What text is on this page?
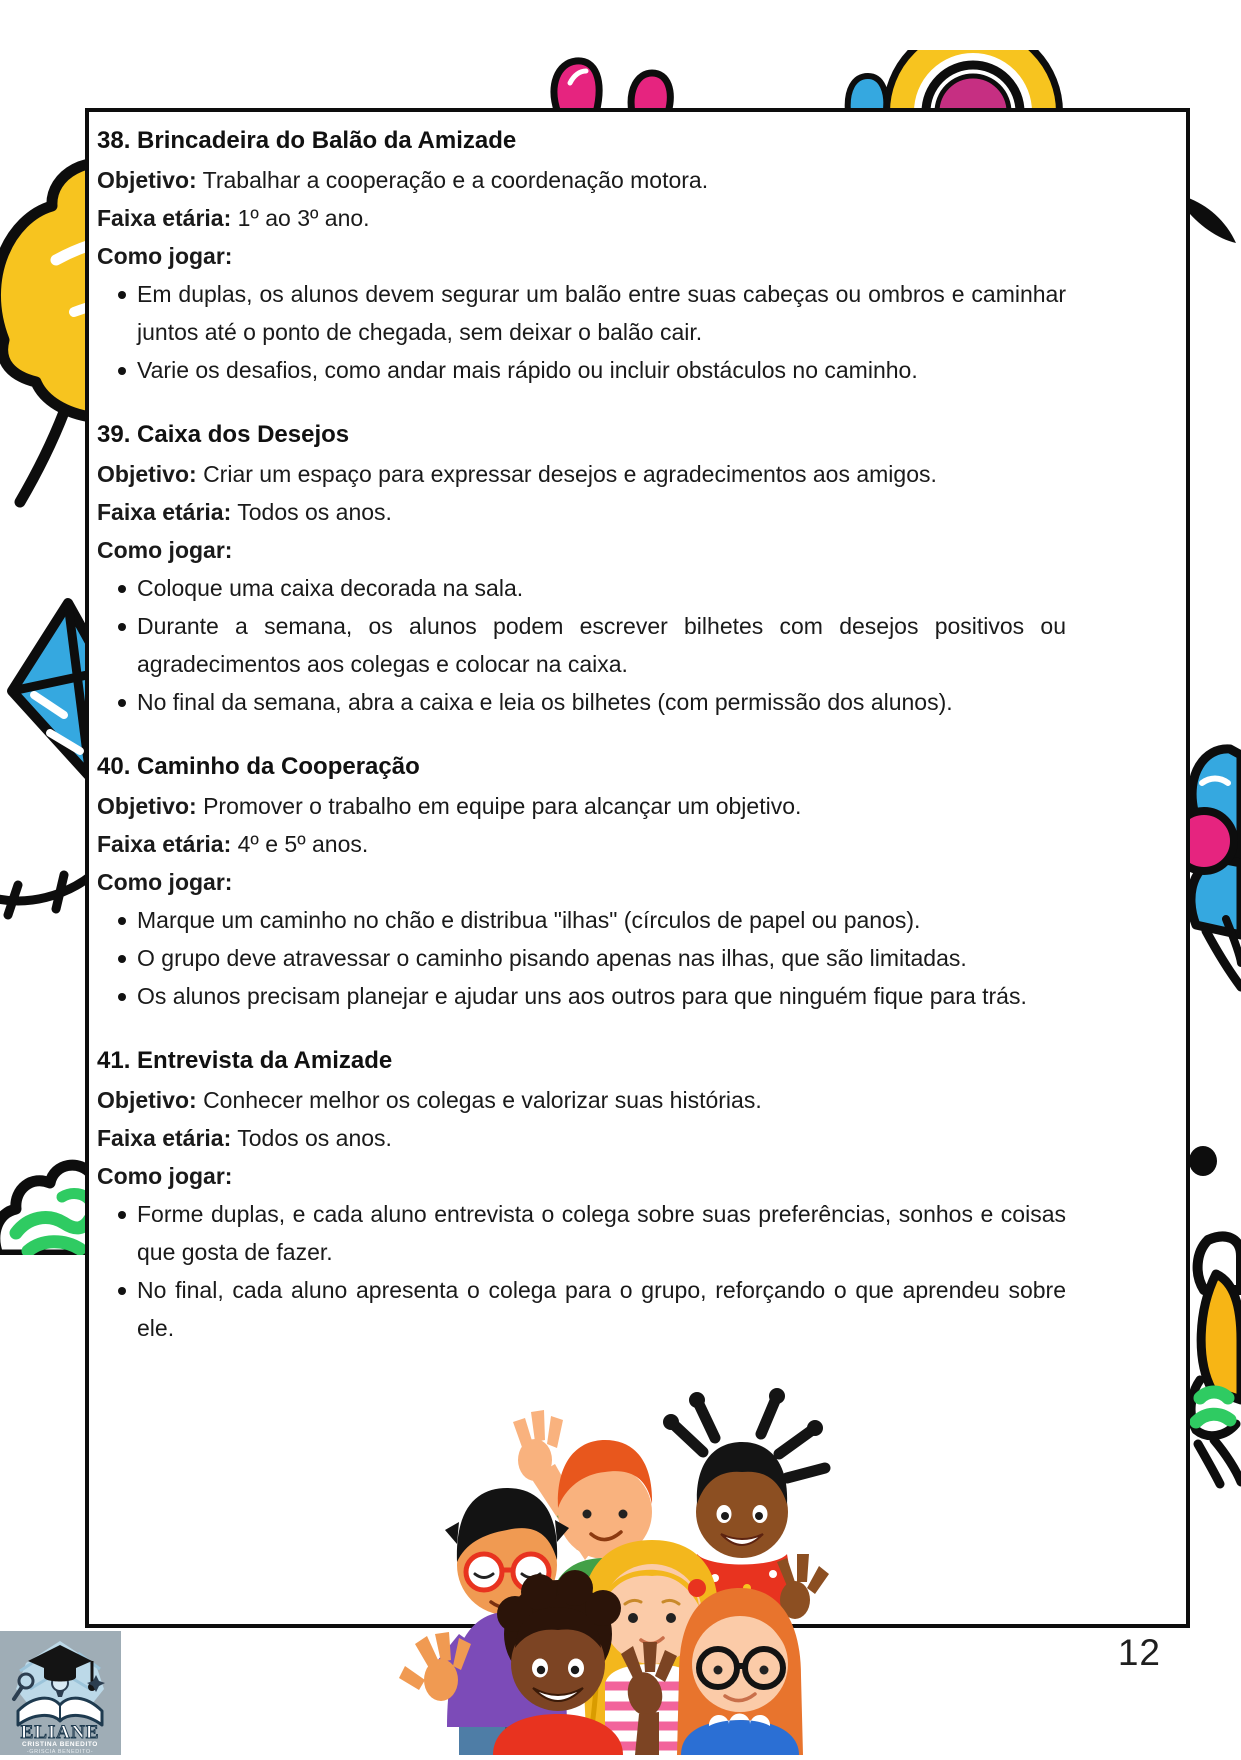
38. Brincadeira do Balão da Amizade

Objetivo: Trabalhar a cooperação e a coordenação motora.

Faixa etária: 1º ao 3º ano.

Como jogar:

Em duplas, os alunos devem segurar um balão entre suas cabeças ou ombros e caminhar juntos até o ponto de chegada, sem deixar o balão cair.
Varie os desafios, como andar mais rápido ou incluir obstáculos no caminho.
39. Caixa dos Desejos

Objetivo: Criar um espaço para expressar desejos e agradecimentos aos amigos.

Faixa etária: Todos os anos.

Como jogar:

Coloque uma caixa decorada na sala.
Durante a semana, os alunos podem escrever bilhetes com desejos positivos ou agradecimentos aos colegas e colocar na caixa.
No final da semana, abra a caixa e leia os bilhetes (com permissão dos alunos).
40. Caminho da Cooperação

Objetivo: Promover o trabalho em equipe para alcançar um objetivo.

Faixa etária: 4º e 5º anos.

Como jogar:

Marque um caminho no chão e distribua "ilhas" (círculos de papel ou panos).
O grupo deve atravessar o caminho pisando apenas nas ilhas, que são limitadas.
Os alunos precisam planejar e ajudar uns aos outros para que ninguém fique para trás.
41. Entrevista da Amizade

Objetivo: Conhecer melhor os colegas e valorizar suas histórias.

Faixa etária: Todos os anos.

Como jogar:

Forme duplas, e cada aluno entrevista o colega sobre suas preferências, sonhos e coisas que gosta de fazer.
No final, cada aluno apresenta o colega para o grupo, reforçando o que aprendeu sobre ele.
ELIANE
CRISTINA BENEDITO
-GRISCIA BENEDITO-
12
